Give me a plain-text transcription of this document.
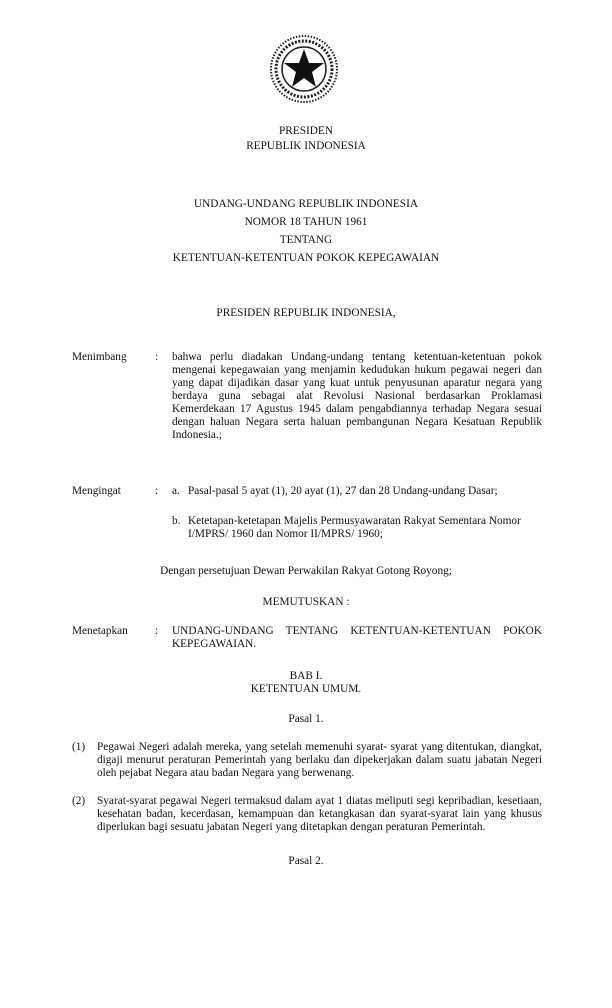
PRESIDEN
REPUBLIK INDONESIA
UNDANG-UNDANG REPUBLIK INDONESIA
NOMOR 18 TAHUN 1961
TENTANG
KETENTUAN-KETENTUAN POKOK KEPEGAWAIAN
PRESIDEN REPUBLIK INDONESIA,
Menimbang	: bahwa perlu diadakan Undang-undang tentang ketentuan-ketentuan pokok mengenai kepegawaian yang menjamin kedudukan hukum pegawai negeri dan yang dapat dijadikan dasar yang kuat untuk penyusunan aparatur negara yang berdaya guna sebagai alat Revolusi Nasional berdasarkan Proklamasi Kemerdekaan 17 Agustus 1945 dalam pengabdiannya terhadap Negara sesuai dengan haluan Negara serta haluan pembangunan Negara Kesatuan Republik Indonesia.;
Mengingat	: a. Pasal-pasal 5 ayat (1), 20 ayat (1), 27 dan 28 Undang-undang Dasar;
b. Ketetapan-ketetapan Majelis Permusyawaratan Rakyat Sementara Nomor I/MPRS/ 1960 dan Nomor II/MPRS/ 1960;
Dengan persetujuan Dewan Perwakilan Rakyat Gotong Royong;
MEMUTUSKAN :
Menetapkan : UNDANG-UNDANG TENTANG KETENTUAN-KETENTUAN POKOK KEPEGAWAIAN.
BAB I.
KETENTUAN UMUM.
Pasal 1.
(1) Pegawai Negeri adalah mereka, yang setelah memenuhi syarat- syarat yang ditentukan, diangkat, digaji menurut peraturan Pemerintah yang berlaku dan dipekerjakan dalam suatu jabatan Negeri oleh pejabat Negara atau badan Negara yang berwenang.
(2) Syarat-syarat pegawai Negeri termaksud dalam ayat 1 diatas meliputi segi kepribadian, kesetiaan, kesehatan badan, kecerdasan, kemampuan dan ketangkasan dan syarat-syarat lain yang khusus diperlukan bagi sesuatu jabatan Negeri yang ditetapkan dengan peraturan Pemerintah.
Pasal 2.
